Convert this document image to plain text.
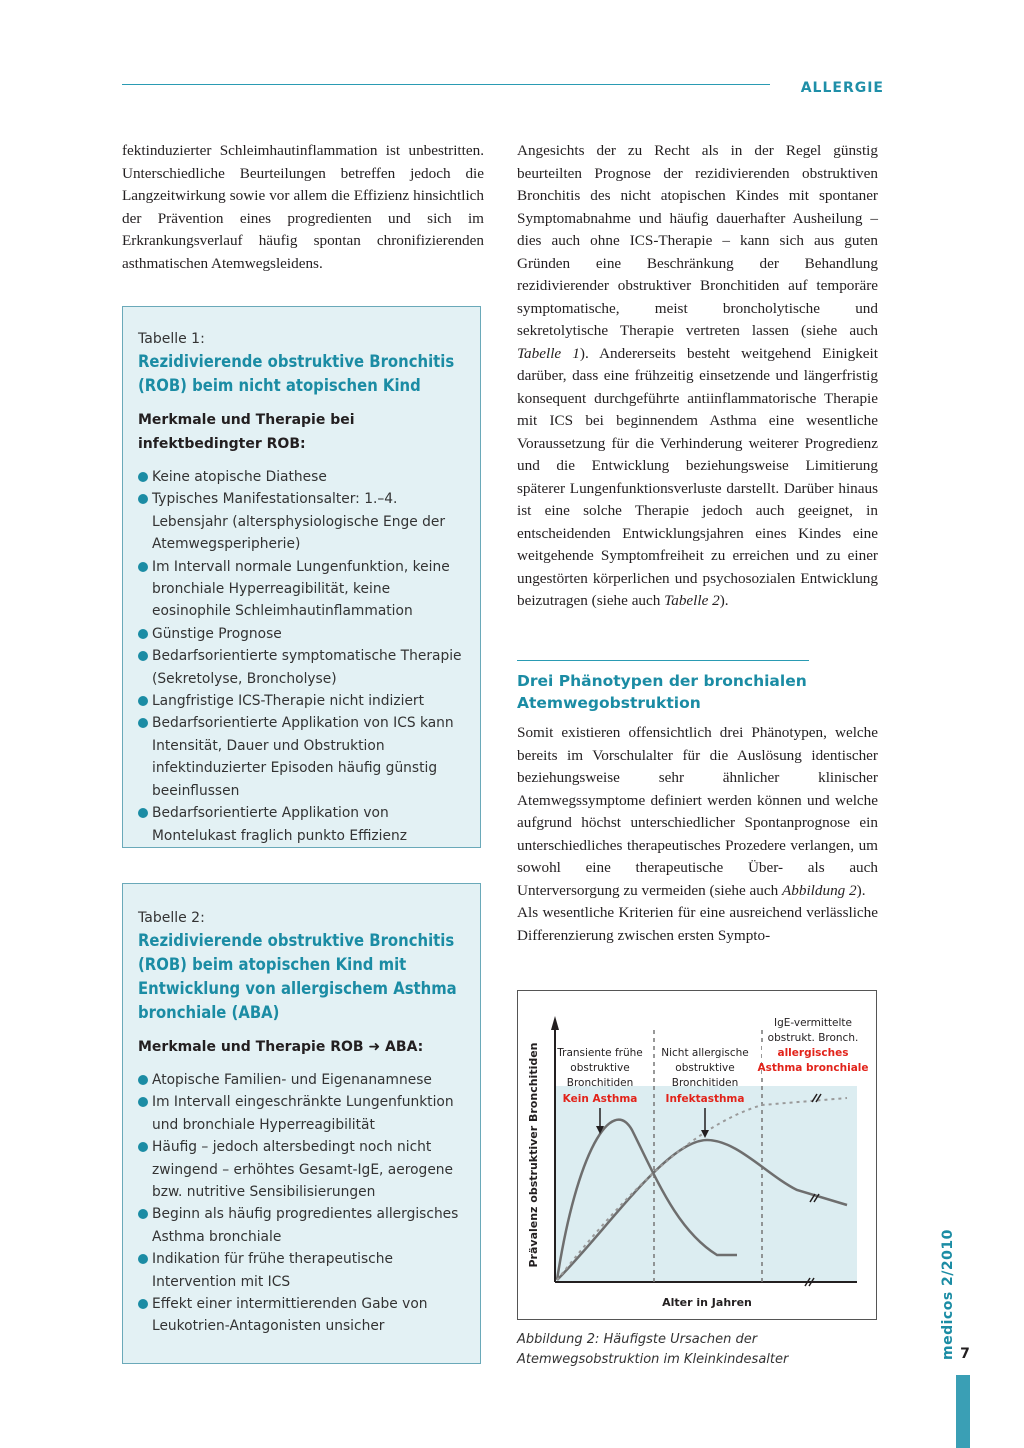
ALLERGIE

fektinduzierter Schleimhautinflammation ist unbestritten. Unterschiedliche Beurteilungen betreffen jedoch die Langzeitwirkung sowie vor allem die Effizienz hinsichtlich der Prävention eines progredienten und sich im Erkrankungsverlauf häufig spontan chronifizierenden asthmatischen Atemwegsleidens.

Tabelle 1:

Rezidivierende obstruktive Bronchitis (ROB) beim nicht atopischen Kind

Merkmale und Therapie bei infektbedingter ROB:

Keine atopische Diathese
Typisches Manifestationsalter: 1.–4. Lebensjahr (altersphysiologische Enge der Atemwegsperipherie)
Im Intervall normale Lungenfunktion, keine bronchiale Hyperreagibilität, keine eosinophile Schleimhautinflammation
Günstige Prognose
Bedarfsorientierte symptomatische Therapie (Sekretolyse, Broncholyse)
Langfristige ICS-Therapie nicht indiziert
Bedarfsorientierte Applikation von ICS kann Intensität, Dauer und Obstruktion infektinduzierter Episoden häufig günstig beeinflussen
Bedarfsorientierte Applikation von Montelukast fraglich punkto Effizienz

Tabelle 2:

Rezidivierende obstruktive Bronchitis (ROB) beim atopischen Kind mit Entwicklung von allergischem Asthma bronchiale (ABA)

Merkmale und Therapie ROB ➜ ABA:

Atopische Familien- und Eigenanamnese
Im Intervall eingeschränkte Lungenfunktion und bronchiale Hyperreagibilität
Häufig – jedoch altersbedingt noch nicht zwingend – erhöhtes Gesamt-IgE, aerogene bzw. nutritive Sensibilisierungen
Beginn als häufig progredientes allergisches Asthma bronchiale
Indikation für frühe therapeutische Intervention mit ICS
Effekt einer intermittierenden Gabe von Leukotrien-Antagonisten unsicher

Angesichts der zu Recht als in der Regel günstig beurteilten Prognose der rezidivierenden obstruktiven Bronchitis des nicht atopischen Kindes mit spontaner Symptomabnahme und häufig dauerhafter Ausheilung – dies auch ohne ICS-Therapie – kann sich aus guten Gründen eine Beschränkung der Behandlung rezidivierender obstruktiver Bronchitiden auf temporäre symptomatische, meist broncholytische und sekretolytische Therapie vertreten lassen (siehe auch Tabelle 1). Andererseits besteht weitgehend Einigkeit darüber, dass eine frühzeitig einsetzende und längerfristig konsequent durchgeführte antiinflammatorische Therapie mit ICS bei beginnendem Asthma eine wesentliche Voraussetzung für die Verhinderung weiterer Progredienz und die Entwicklung beziehungsweise Limitierung späterer Lungenfunktionsverluste darstellt. Darüber hinaus ist eine solche Therapie jedoch auch geeignet, in entscheidenden Entwicklungsjahren eines Kindes eine weitgehende Symptomfreiheit zu erreichen und zu einer ungestörten körperlichen und psychosozialen Entwicklung beizutragen (siehe auch Tabelle 2).

Drei Phänotypen der bronchialen Atemwegobstruktion

Somit existieren offensichtlich drei Phänotypen, welche bereits im Vorschulalter für die Auslösung identischer beziehungsweise sehr ähnlicher klinischer Atemwegssymptome definiert werden können und welche aufgrund höchst unterschiedlicher Spontanprognose ein unterschiedliches therapeutisches Prozedere verlangen, um sowohl eine therapeutische Über- als auch Unterversorgung zu vermeiden (siehe auch Abbildung 2).
Als wesentliche Kriterien für eine ausreichend verlässliche Differenzierung zwischen ersten Sympto-

Prävalenz obstruktiver Bronchitiden
Alter in Jahren
Transiente frühe
obstruktive
Bronchitiden
Kein Asthma
Nicht allergische
obstruktive
Bronchitiden
Infektasthma
IgE-vermittelte
obstrukt. Bronch.
allergisches
Asthma bronchiale

Abbildung 2: Häufigste Ursachen der Atemwegsobstruktion im Kleinkindesalter	medicos 2/2010 7
